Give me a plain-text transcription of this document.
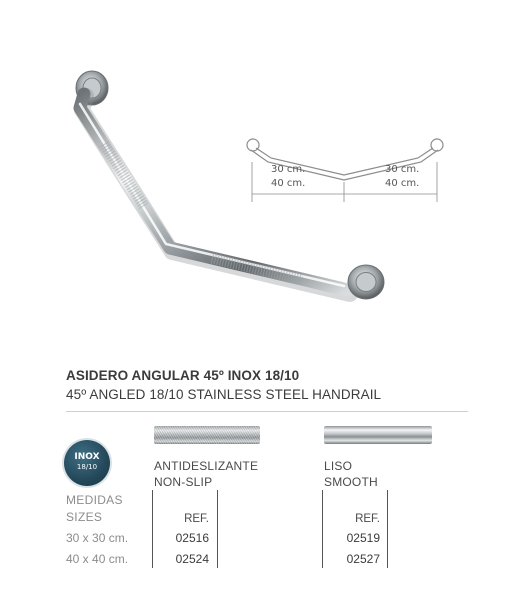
30 cm.
40 cm.
30 cm.
40 cm.
ASIDERO ANGULAR 45º INOX 18/10
45º ANGLED 18/10 STAINLESS STEEL HANDRAIL
INOX
18/10	ANTIDESLIZANTE
NON-SLIP
LISO
SMOOTH
MEDIDAS
SIZES
30 x 30 cm.
40 x 40 cm.
REF.
02516
02524
REF.
02519
02527
